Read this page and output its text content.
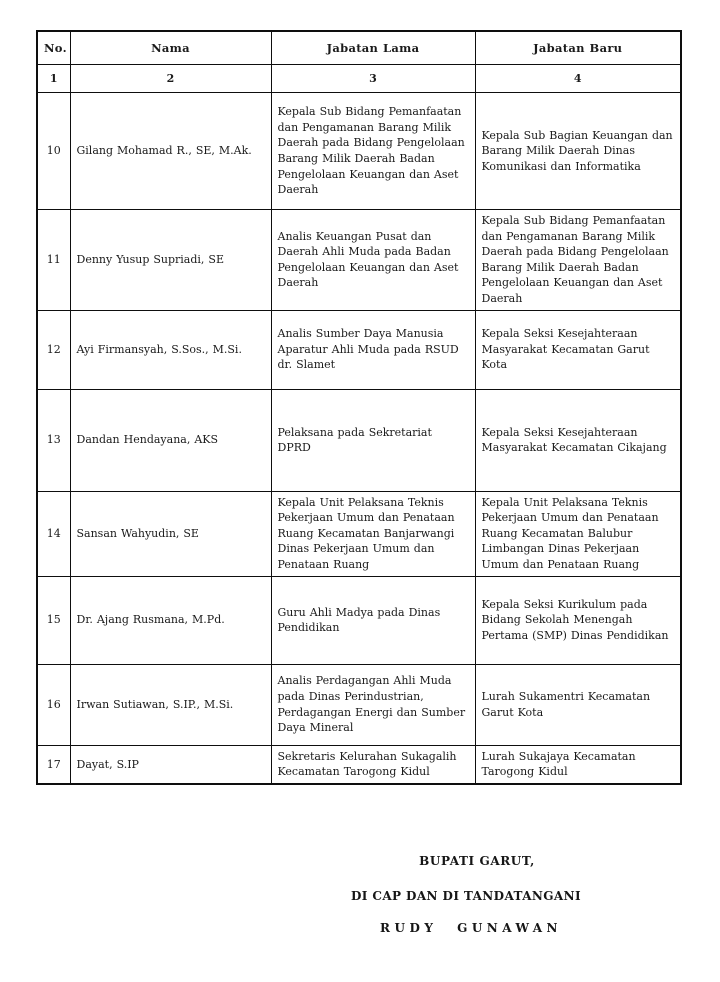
No.	Nama	Jabatan Lama	Jabatan Baru
1	2	3	4
10	Gilang Mohamad R., SE, M.Ak.	Kepala Sub Bidang Pemanfaatan dan Pengamanan Barang Milik Daerah pada Bidang Pengelolaan Barang Milik Daerah Badan Pengelolaan Keuangan dan Aset Daerah	Kepala Sub Bagian Keuangan dan Barang Milik Daerah Dinas Komunikasi dan Informatika
11	Denny Yusup Supriadi, SE	Analis Keuangan Pusat dan Daerah Ahli Muda pada Badan Pengelolaan Keuangan dan Aset Daerah	Kepala Sub Bidang Pemanfaatan dan Pengamanan Barang Milik Daerah pada Bidang Pengelolaan Barang Milik Daerah Badan Pengelolaan Keuangan dan Aset Daerah
12	Ayi Firmansyah, S.Sos., M.Si.	Analis Sumber Daya Manusia Aparatur Ahli Muda pada RSUD dr. Slamet	Kepala Seksi Kesejahteraan Masyarakat Kecamatan Garut Kota
13	Dandan Hendayana, AKS	Pelaksana pada Sekretariat DPRD	Kepala Seksi Kesejahteraan Masyarakat Kecamatan Cikajang
14	Sansan Wahyudin, SE	Kepala Unit Pelaksana Teknis Pekerjaan Umum dan Penataan Ruang Kecamatan Banjarwangi Dinas Pekerjaan Umum dan Penataan Ruang	Kepala Unit Pelaksana Teknis Pekerjaan Umum dan Penataan Ruang Kecamatan Balubur Limbangan Dinas Pekerjaan Umum dan Penataan Ruang
15	Dr. Ajang Rusmana, M.Pd.	Guru Ahli Madya pada Dinas Pendidikan	Kepala Seksi Kurikulum pada Bidang Sekolah Menengah Pertama (SMP) Dinas Pendidikan
16	Irwan Sutiawan, S.IP., M.Si.	Analis Perdagangan Ahli Muda pada Dinas Perindustrian, Perdagangan Energi dan Sumber Daya Mineral	Lurah Sukamentri Kecamatan Garut Kota
17	Dayat, S.IP	Sekretaris Kelurahan Sukagalih Kecamatan Tarogong Kidul	Lurah Sukajaya Kecamatan Tarogong Kidul
BUPATI GARUT,
DI CAP DAN DI TANDATANGANI
RUDY GUNAWAN
